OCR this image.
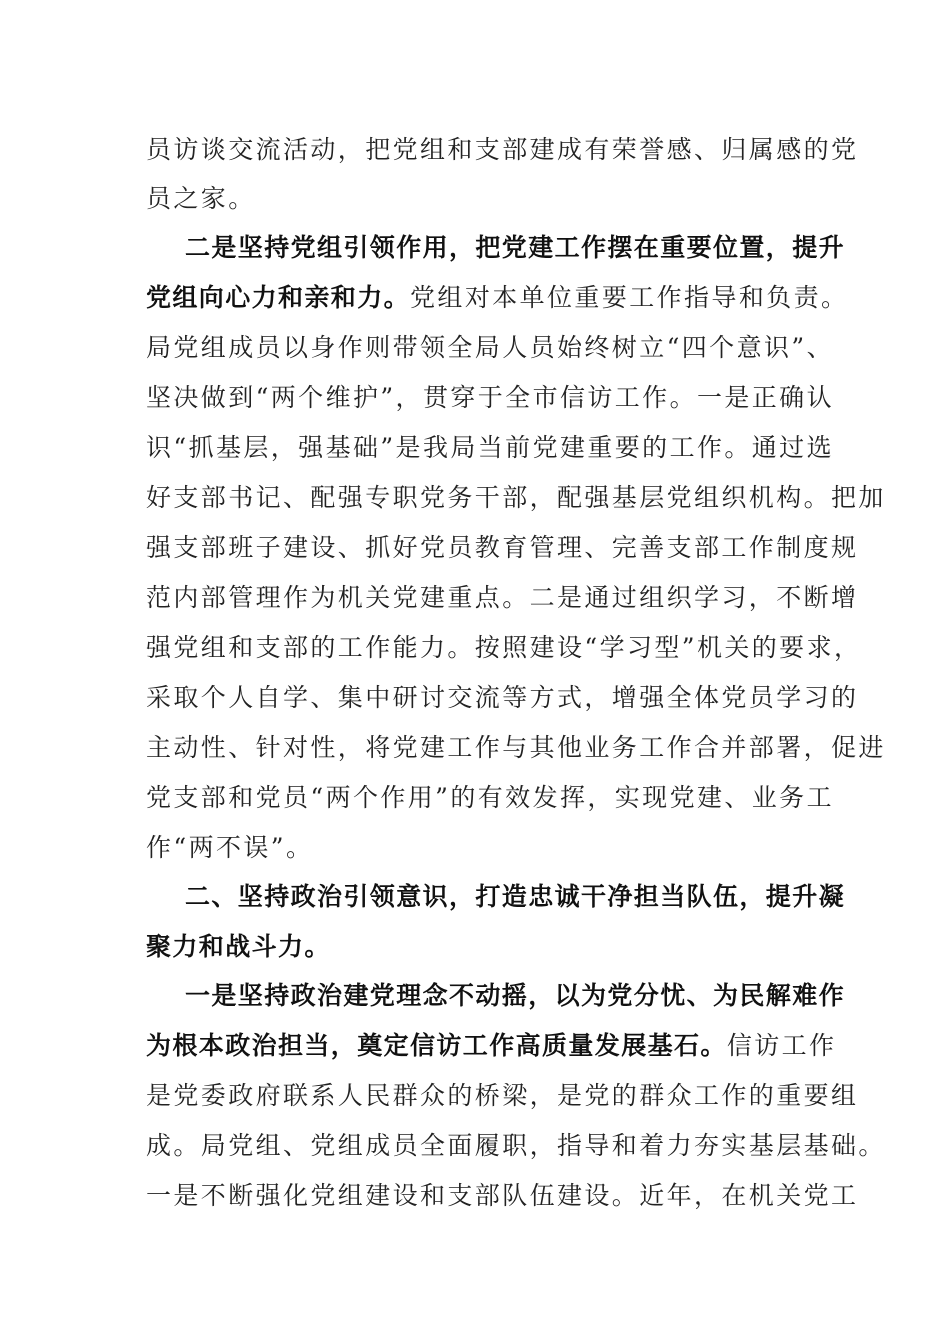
员访谈交流活动，把党组和支部建成有荣誉感、归属感的党
员之家。
二是坚持党组引领作用，把党建工作摆在重要位置，提升
党组向心力和亲和力。党组对本单位重要工作指导和负责。
局党组成员以身作则带领全局人员始终树立“四个意识”、
坚决做到“两个维护”，贯穿于全市信访工作。一是正确认
识“抓基层，强基础”是我局当前党建重要的工作。通过选
好支部书记、配强专职党务干部，配强基层党组织机构。把加
强支部班子建设、抓好党员教育管理、完善支部工作制度规
范内部管理作为机关党建重点。二是通过组织学习，不断增
强党组和支部的工作能力。按照建设“学习型”机关的要求，
采取个人自学、集中研讨交流等方式，增强全体党员学习的
主动性、针对性，将党建工作与其他业务工作合并部署，促进
党支部和党员“两个作用”的有效发挥，实现党建、业务工
作“两不误”。
二、坚持政治引领意识，打造忠诚干净担当队伍，提升凝
聚力和战斗力。
一是坚持政治建党理念不动摇，以为党分忧、为民解难作
为根本政治担当，奠定信访工作高质量发展基石。信访工作
是党委政府联系人民群众的桥梁，是党的群众工作的重要组
成。局党组、党组成员全面履职，指导和着力夯实基层基础。
一是不断强化党组建设和支部队伍建设。近年，在机关党工
